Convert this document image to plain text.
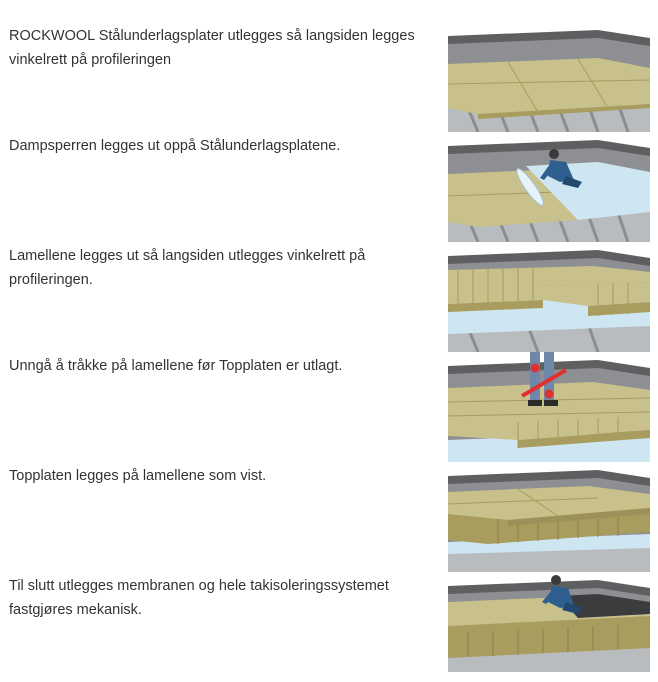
ROCKWOOL Stålunderlagsplater utlegges så langsiden legges vinkelrett på profileringen

Dampsperren legges ut oppå Stålunderlagsplatene.

Lamellene legges ut så langsiden utlegges vinkelrett på profileringen.

Unngå å tråkke på lamellene før Topplaten er utlagt.

Topplaten legges på lamellene som vist.

Til slutt utlegges membranen og hele takisoleringssystemet fastgjøres mekanisk.
